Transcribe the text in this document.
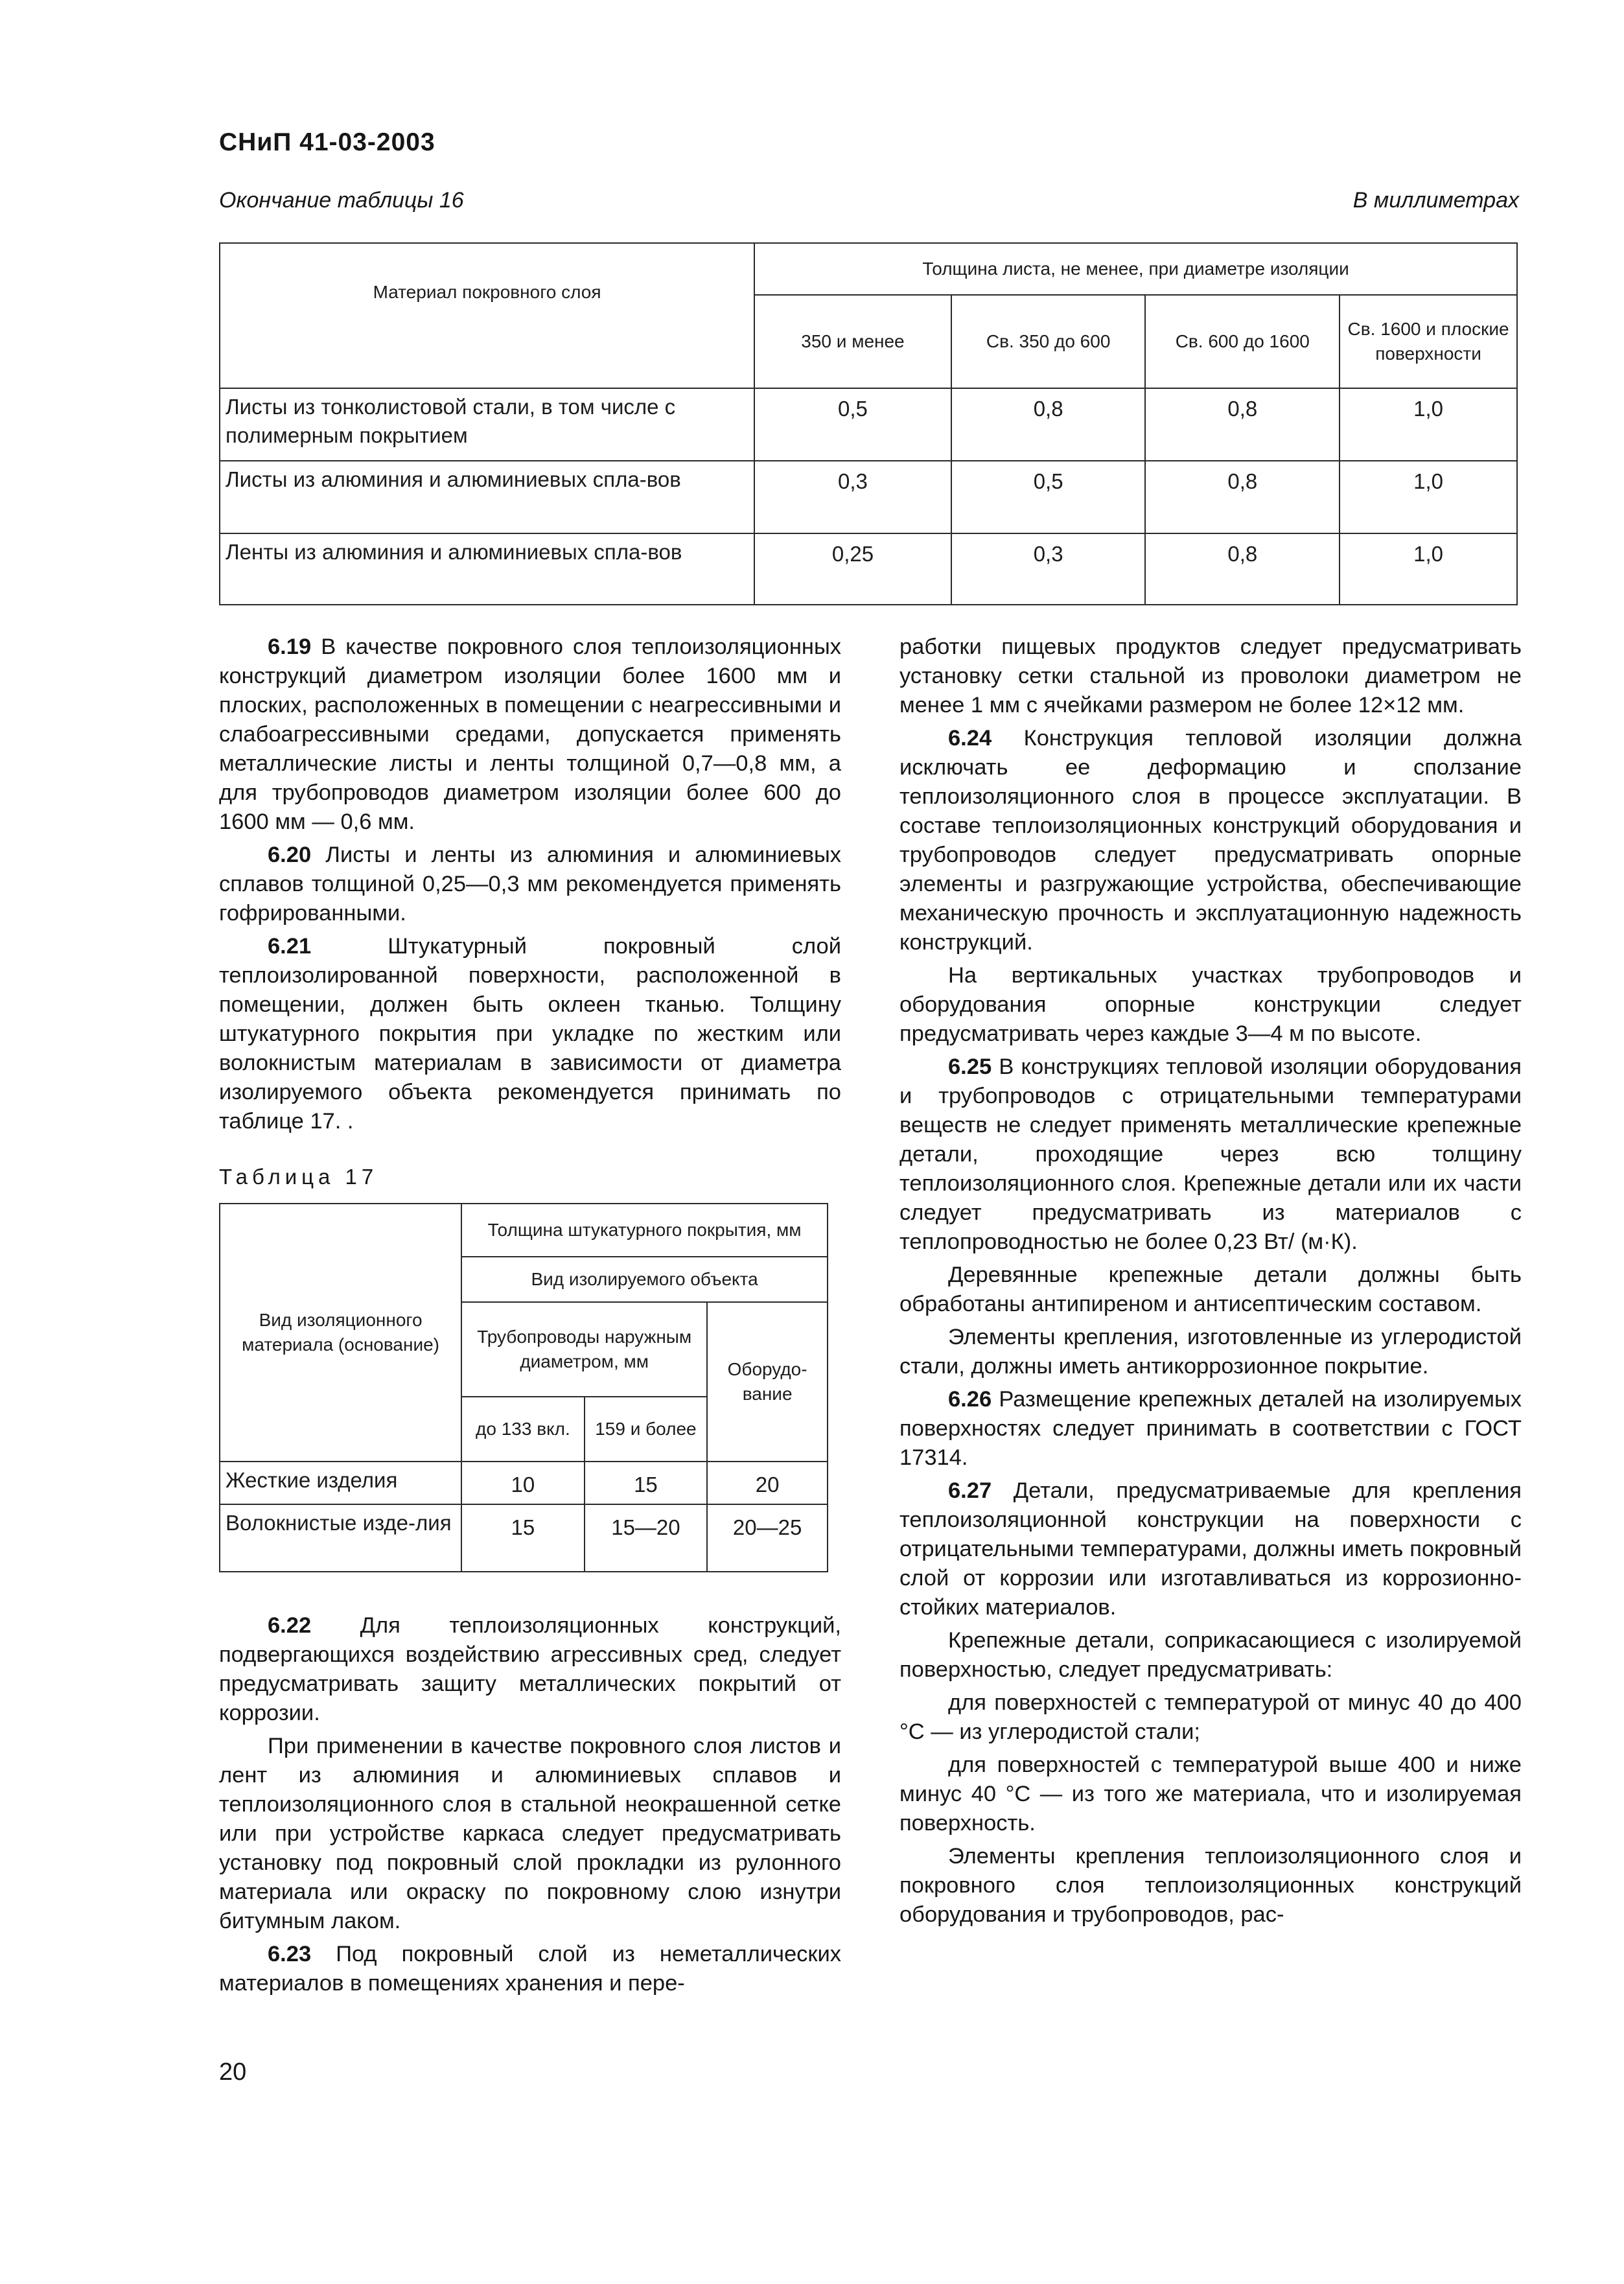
СНиП 41-03-2003
Окончание таблицы 16	В миллиметрах
Материал покровного слоя	Толщина листа, не менее, при диаметре изоляции			
	350 и менее	Св. 350 до 600	Св. 600 до 1600	Св. 1600 и плоские поверхности
Листы из тонколистовой стали, в том числе с полимерным покрытием	0,5	0,8	0,8	1,0
Листы из алюминия и алюминиевых спла-вов	0,3	0,5	0,8	1,0
Ленты из алюминия и алюминиевых спла-вов	0,25	0,3	0,8	1,0

6.19 В качестве покровного слоя теплоизоляционных конструкций диаметром изоляции более 1600 мм и плоских, расположенных в помещении с неагрессивными и слабоагрессивными средами, допускается применять металлические листы и ленты толщиной 0,7—0,8 мм, а для трубопроводов диаметром изоляции более 600 до 1600 мм — 0,6 мм.

6.20 Листы и ленты из алюминия и алюминиевых сплавов толщиной 0,25—0,3 мм рекомендуется применять гофрированными.

6.21 Штукатурный покровный слой теплоизолированной поверхности, расположенной в помещении, должен быть оклеен тканью. Толщину штукатурного покрытия при укладке по жестким или волокнистым материалам в зависимости от диаметра изолируемого объекта рекомендуется принимать по таблице 17. .

Таблица 17
Вид изоляционного материала (основание)	Толщина штукатурного покрытия, мм		
	Вид изолируемого объекта		
	Трубопроводы наружным диаметром, мм		Оборудо-вание
	до 133 вкл.	159 и более	
Жесткие изделия	10	15	20
Волокнистые изде-лия	15	15—20	20—25

6.22 Для теплоизоляционных конструкций, подвергающихся воздействию агрессивных сред, следует предусматривать защиту металлических покрытий от коррозии.

При применении в качестве покровного слоя листов и лент из алюминия и алюминиевых сплавов и теплоизоляционного слоя в стальной неокрашенной сетке или при устройстве каркаса следует предусматривать установку под покровный слой прокладки из рулонного материала или окраску по покровному слою изнутри битумным лаком.

6.23 Под покровный слой из неметаллических материалов в помещениях хранения и пере-

работки пищевых продуктов следует предусматривать установку сетки стальной из проволоки диаметром не менее 1 мм с ячейками размером не более 12×12 мм.

6.24 Конструкция тепловой изоляции должна исключать ее деформацию и сползание теплоизоляционного слоя в процессе эксплуатации. В составе теплоизоляционных конструкций оборудования и трубопроводов следует предусматривать опорные элементы и разгружающие устройства, обеспечивающие механическую прочность и эксплуатационную надежность конструкций.

На вертикальных участках трубопроводов и оборудования опорные конструкции следует предусматривать через каждые 3—4 м по высоте.

6.25 В конструкциях тепловой изоляции оборудования и трубопроводов с отрицательными температурами веществ не следует применять металлические крепежные детали, проходящие через всю толщину теплоизоляционного слоя. Крепежные детали или их части следует предусматривать из материалов с теплопроводностью не более 0,23 Вт/ (м·К).

Деревянные крепежные детали должны быть обработаны антипиреном и антисептическим составом.

Элементы крепления, изготовленные из углеродистой стали, должны иметь антикоррозионное покрытие.

6.26 Размещение крепежных деталей на изолируемых поверхностях следует принимать в соответствии с ГОСТ 17314.

6.27 Детали, предусматриваемые для крепления теплоизоляционной конструкции на поверхности с отрицательными температурами, должны иметь покровный слой от коррозии или изготавливаться из коррозионно-стойких материалов.

Крепежные детали, соприкасающиеся с изолируемой поверхностью, следует предусматривать:

для поверхностей с температурой от минус 40 до 400 °С — из углеродистой стали;

для поверхностей с температурой выше 400 и ниже минус 40 °С — из того же материала, что и изолируемая поверхность.

Элементы крепления теплоизоляционного слоя и покровного слоя теплоизоляционных конструкций оборудования и трубопроводов, рас-

20
